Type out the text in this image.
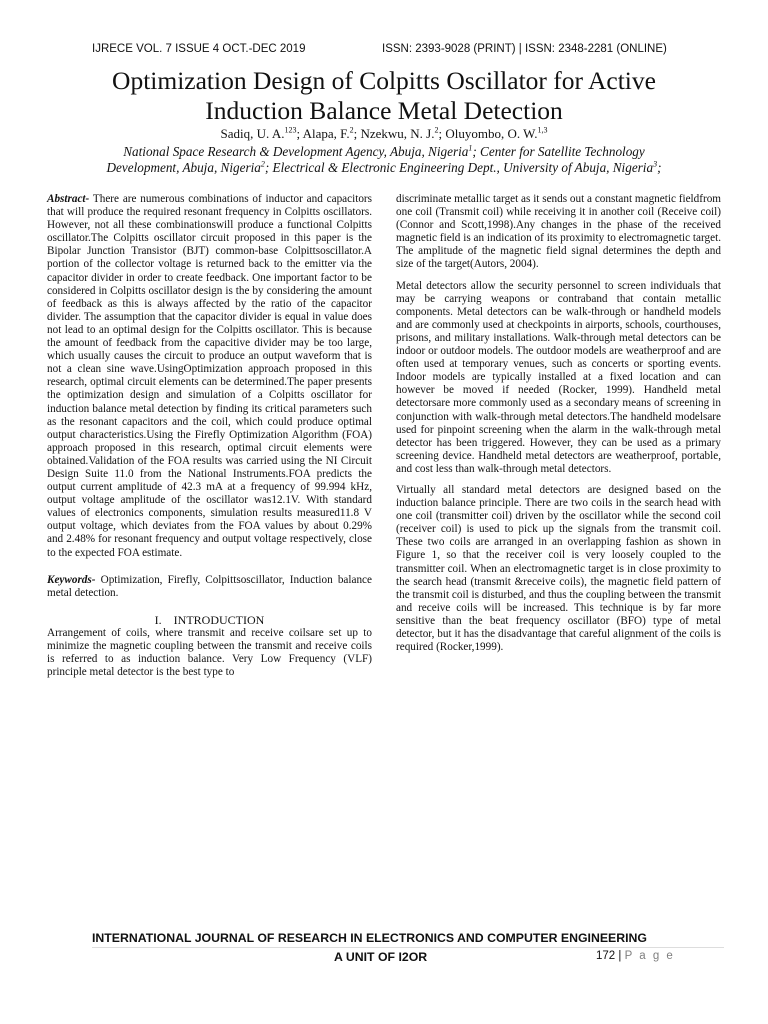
IJRECE VOL. 7 ISSUE 4 OCT.-DEC 2019	ISSN: 2393-9028 (PRINT) | ISSN: 2348-2281 (ONLINE)
Optimization Design of Colpitts Oscillator for Active
Induction Balance Metal Detection
Sadiq, U. A.$^{123}$; Alapa, F.$^2$; Nzekwu, N. J.$^2$; Oluyombo, O. W.$^{1,3}$
National Space Research & Development Agency, Abuja, Nigeria$^1$; Center for Satellite Technology
Development, Abuja, Nigeria$^2$; Electrical & Electronic Engineering Dept., University of Abuja, Nigeria$^3$;

Abstract- There are numerous combinations of inductor and capacitors that will produce the required resonant frequency in Colpitts oscillators. However, not all these combinationswill produce a functional Colpitts oscillator.The Colpitts oscillator circuit proposed in this paper is the Bipolar Junction Transistor (BJT) common-base Colpittsoscillator.A portion of the collector voltage is returned back to the emitter via the capacitor divider in order to create feedback. One important factor to be considered in Colpitts oscillator design is the by considering the amount of feedback as this is always affected by the ratio of the capacitor divider. The assumption that the capacitor divider is equal in value does not lead to an optimal design for the Colpitts oscillator. This is because the amount of feedback from the capacitive divider may be too large, which usually causes the circuit to produce an output waveform that is not a clean sine wave.UsingOptimization approach proposed in this research, optimal circuit elements can be determined.The paper presents the optimization design and simulation of a Colpitts oscillator for induction balance metal detection by finding its critical parameters such as the resonant capacitors and the coil, which could produce optimal output characteristics.Using the Firefly Optimization Algorithm (FOA) approach proposed in this research, optimal circuit elements were obtained.Validation of the FOA results was carried using the NI Circuit Design Suite 11.0 from the National Instruments.FOA predicts the output current amplitude of 42.3 mA at a frequency of 99.994 kHz, output voltage amplitude of the oscillator was12.1V. With standard values of electronics components, simulation results measured11.8 V output voltage, which deviates from the FOA values by about 0.29% and 2.48% for resonant frequency and output voltage respectively, close to the expected FOA estimate.

Keywords- Optimization, Firefly, Colpittsoscillator, Induction balance metal detection.

I.    INTRODUCTION

Arrangement of coils, where transmit and receive coilsare set up to minimize the magnetic coupling between the transmit and receive coils is referred to as induction balance. Very Low Frequency (VLF) principle metal detector is the best type to

discriminate metallic target as it sends out a constant magnetic fieldfrom one coil (Transmit coil) while receiving it in another coil (Receive coil)(Connor and Scott,1998).Any changes in the phase of the received magnetic field is an indication of its proximity to electromagnetic target. The amplitude of the magnetic field signal determines the depth and size of the target(Autors, 2004).

Metal detectors allow the security personnel to screen individuals that may be carrying weapons or contraband that contain metallic components. Metal detectors can be walk-through or handheld models and are commonly used at checkpoints in airports, schools, courthouses, prisons, and military installations. Walk-through metal detectors can be indoor or outdoor models. The outdoor models are weatherproof and are often used at temporary venues, such as concerts or sporting events. Indoor models are typically installed at a fixed location and can however be moved if needed (Rocker, 1999). Handheld metal detectorsare more commonly used as a secondary means of screening in conjunction with walk-through metal detectors.The handheld modelsare used for pinpoint screening when the alarm in the walk-through metal detector has been triggered. However, they can be used as a primary screening device. Handheld metal detectors are weatherproof, portable, and cost less than walk-through metal detectors.

Virtually all standard metal detectors are designed based on the induction balance principle. There are two coils in the search head with one coil (transmitter coil) driven by the oscillator while the second coil (receiver coil) is used to pick up the signals from the transmit coil. These two coils are arranged in an overlapping fashion as shown in Figure 1, so that the receiver coil is very loosely coupled to the transmitter coil. When an electromagnetic target is in close proximity to the search head (transmit &receive coils), the magnetic field pattern of the transmit coil is disturbed, and thus the coupling between the transmit and receive coils will be increased. This technique is by far more sensitive than the beat frequency oscillator (BFO) type of metal detector, but it has the disadvantage that careful alignment of the coils is required (Rocker,1999).

INTERNATIONAL JOURNAL OF RESEARCH IN ELECTRONICS AND COMPUTER ENGINEERING
A UNIT OF I2OR	172 | P a g e
